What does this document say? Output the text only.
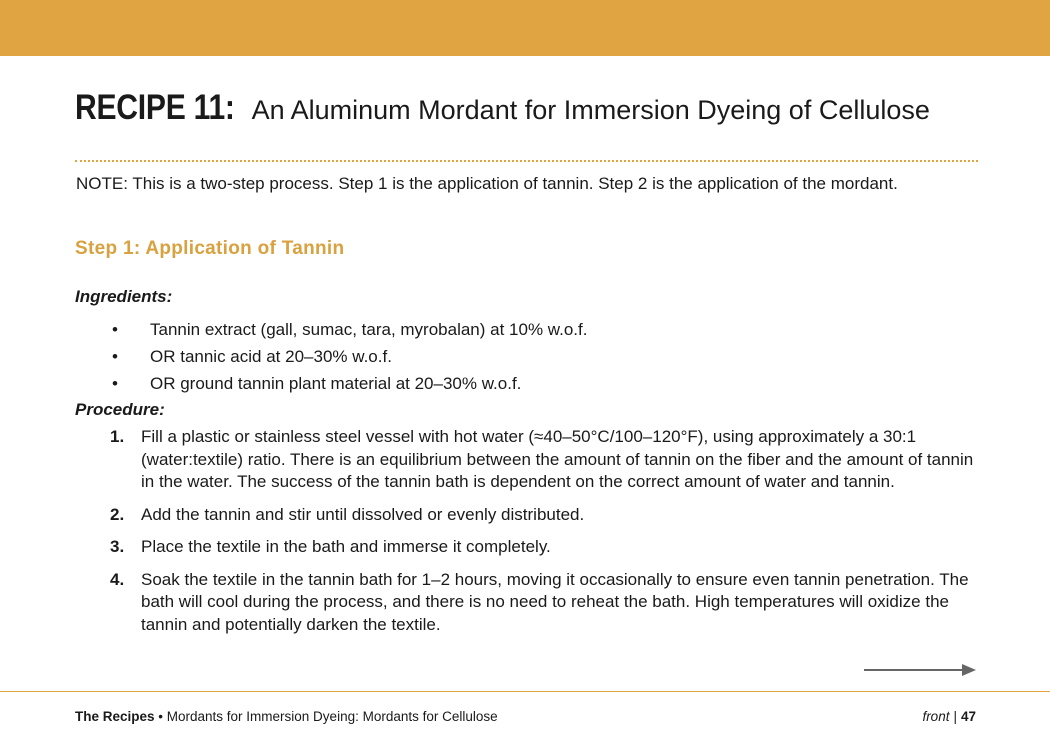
RECIPE 11: An Aluminum Mordant for Immersion Dyeing of Cellulose

NOTE: This is a two-step process. Step 1 is the application of tannin. Step 2 is the application of the mordant.

Step 1: Application of Tannin

Ingredients:

•	Tannin extract (gall, sumac, tara, myrobalan) at 10% w.o.f.
•	OR tannic acid at 20–30% w.o.f.
•	OR ground tannin plant material at 20–30% w.o.f.

Procedure:

1. Fill a plastic or stainless steel vessel with hot water (≈40–50°C/100–120°F), using approximately a 30:1 (water:textile) ratio. There is an equilibrium between the amount of tannin on the fiber and the amount of tannin in the water. The success of the tannin bath is dependent on the correct amount of water and tannin.
2. Add the tannin and stir until dissolved or evenly distributed.
3. Place the textile in the bath and immerse it completely.
4. Soak the textile in the tannin bath for 1–2 hours, moving it occasionally to ensure even tannin penetration. The bath will cool during the process, and there is no need to reheat the bath. High temperatures will oxidize the tannin and potentially darken the textile.
The Recipes • Mordants for Immersion Dyeing: Mordants for Cellulose	front | 47
